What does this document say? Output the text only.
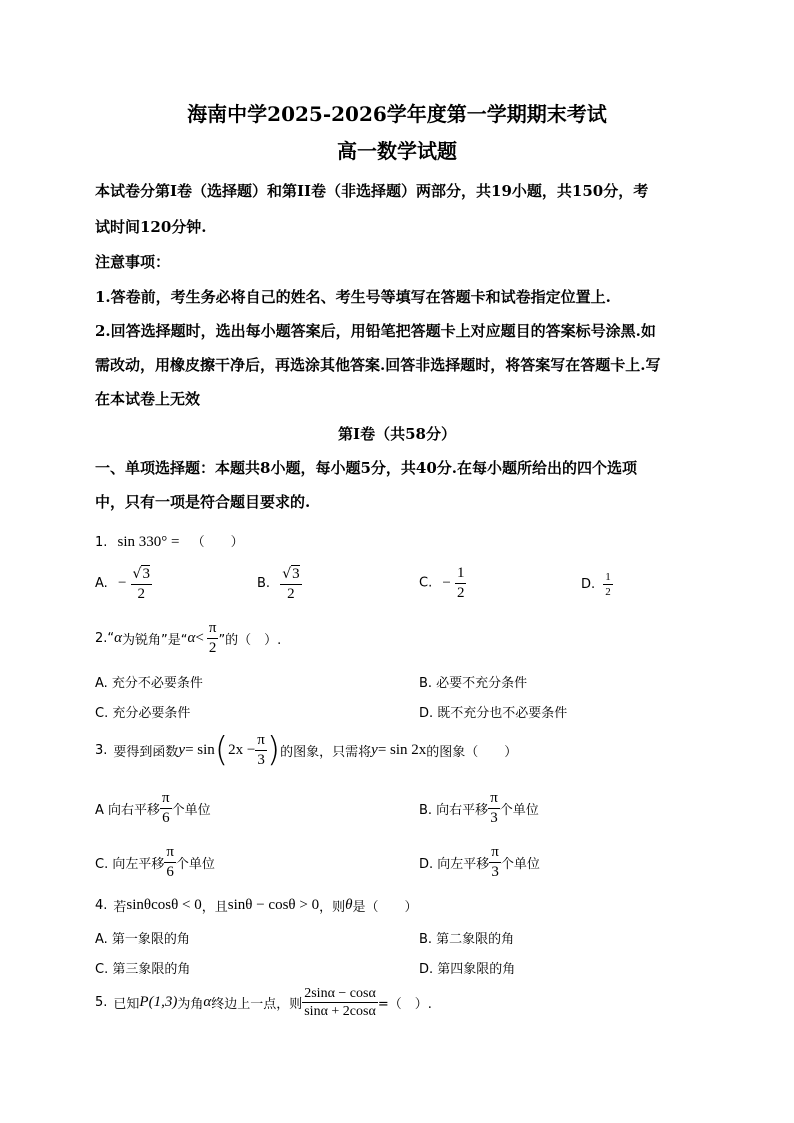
海南中学2025-2026学年度第一学期期末考试
高一数学试题
本试卷分第I卷（选择题）和第II卷（非选择题）两部分，共19小题，共150分，考
试时间120分钟.
注意事项：
1.答卷前，考生务必将自己的姓名、考生号等填写在答题卡和试卷指定位置上.
2.回答选择题时，选出每小题答案后，用铅笔把答题卡上对应题目的答案标号涂黑.如
需改动，用橡皮擦干净后，再选涂其他答案.回答非选择题时，将答案写在答题卡上.写
在本试卷上无效
第I卷（共58分）
一、单项选择题：本题共8小题，每小题5分，共40分.在每小题所给出的四个选项
中，只有一项是符合题目要求的.
1. sin 330° = （　　）
A. − $\frac{√3}{2}$	B. $\frac{√3}{2}$	C. − $\frac{1}{2}$	D. $\frac{1}{2}$
2. “ α 为锐角”是“ $\alpha < \frac{\pi}{2}$ ”的（　）.
A. 充分不必要条件	B. 必要不充分条件
C. 充分必要条件	D. 既不充分也不必要条件
3. 要得到函数 y = sin ( $2x - \frac{\pi}{3}$ ) 的图象，只需将 y = sin 2x 的图象（　　）
A 向右平移 $\frac{\pi}{6}$ 个单位	B. 向右平移 $\frac{\pi}{3}$ 个单位
C. 向左平移 $\frac{\pi}{6}$ 个单位	D. 向左平移 $\frac{\pi}{3}$ 个单位
4. 若 sinθcosθ < 0 ，且 sinθ − cosθ > 0 ，则 θ 是（　　）
A. 第一象限的角	B. 第二象限的角
C. 第三象限的角	D. 第四象限的角
5. 已知 P(1,3) 为角 α 终边上一点，则 $\frac{2\sin\alpha - \cos\alpha}{\sin\alpha + 2\cos\alpha}$ =（　）.
